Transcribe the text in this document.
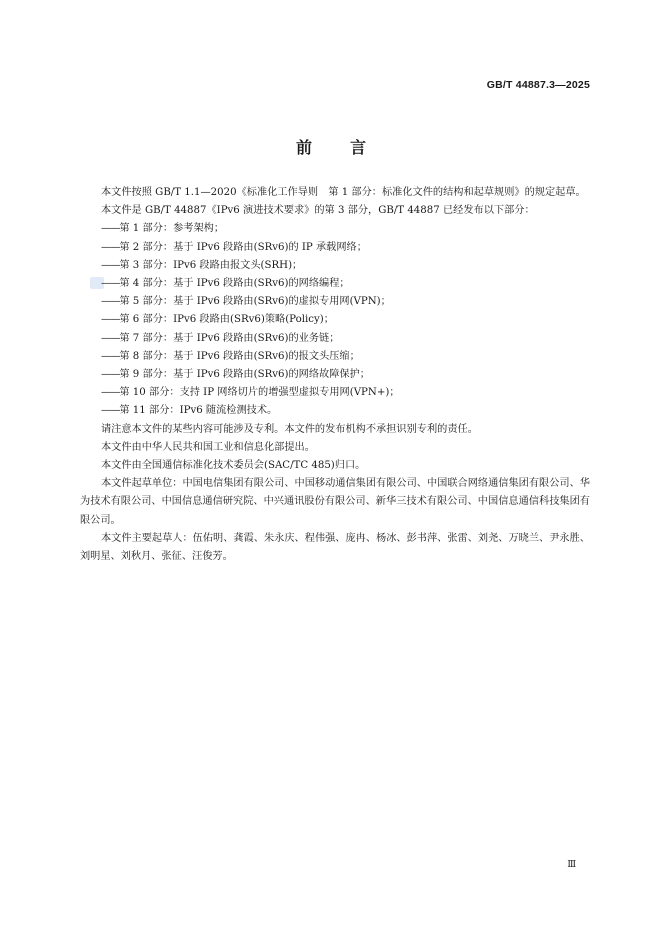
GB/T 44887.3—2025
前言

本文件按照 GB/T 1.1—2020《标准化工作导则　第 1 部分：标准化文件的结构和起草规则》的规定起草。

本文件是 GB/T 44887《IPv6 演进技术要求》的第 3 部分，GB/T 44887 已经发布以下部分：

——第 1 部分：参考架构；

——第 2 部分：基于 IPv6 段路由(SRv6)的 IP 承载网络；

——第 3 部分：IPv6 段路由报文头(SRH)；

——第 4 部分：基于 IPv6 段路由(SRv6)的网络编程；

——第 5 部分：基于 IPv6 段路由(SRv6)的虚拟专用网(VPN)；

——第 6 部分：IPv6 段路由(SRv6)策略(Policy)；

——第 7 部分：基于 IPv6 段路由(SRv6)的业务链；

——第 8 部分：基于 IPv6 段路由(SRv6)的报文头压缩；

——第 9 部分：基于 IPv6 段路由(SRv6)的网络故障保护；

——第 10 部分：支持 IP 网络切片的增强型虚拟专用网(VPN+)；

——第 11 部分：IPv6 随流检测技术。

请注意本文件的某些内容可能涉及专利。本文件的发布机构不承担识别专利的责任。

本文件由中华人民共和国工业和信息化部提出。

本文件由全国通信标准化技术委员会(SAC/TC 485)归口。

本文件起草单位：中国电信集团有限公司、中国移动通信集团有限公司、中国联合网络通信集团有限公司、华为技术有限公司、中国信息通信研究院、中兴通讯股份有限公司、新华三技术有限公司、中国信息通信科技集团有限公司。

本文件主要起草人：伍佑明、龚霞、朱永庆、程伟强、庞冉、杨冰、彭书萍、张雷、刘尧、万晓兰、尹永胜、刘明星、刘秋月、张征、汪俊芳。

Ⅲ
